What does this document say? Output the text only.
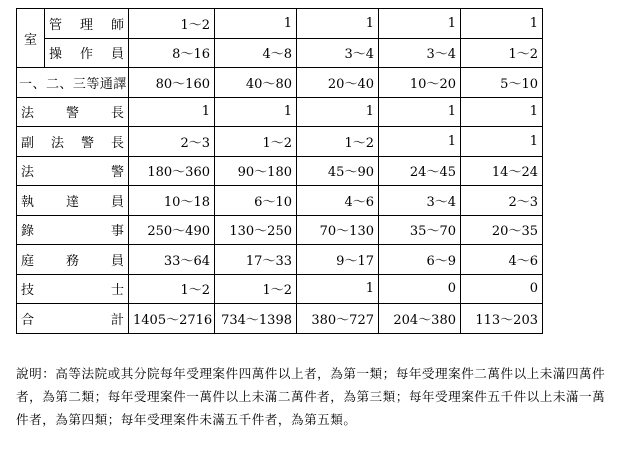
室	管理師	1～2	1	1	1	1
	操作員	8～16	4～8	3～4	3～4	1～2
一、二、三等通譯		80～160	40～80	20～40	10～20	5～10
法警長		1	1	1	1	1
副法警長		2～3	1～2	1～2	1	1
法警		180～360	90～180	45～90	24～45	14～24
執達員		10～18	6～10	4～6	3～4	2～3
錄事		250～490	130～250	70～130	35～70	20～35
庭務員		33～64	17～33	9～17	6～9	4～6
技士		1～2	1～2	1	0	0
合計		1405～2716	734～1398	380～727	204～380	113～203
說明：高等法院或其分院每年受理案件四萬件以上者，為第一類；每年受理案件二萬件以上未滿四萬件者，為第二類；每年受理案件一萬件以上未滿二萬件者，為第三類；每年受理案件五千件以上未滿一萬件者，為第四類；每年受理案件未滿五千件者，為第五類。
